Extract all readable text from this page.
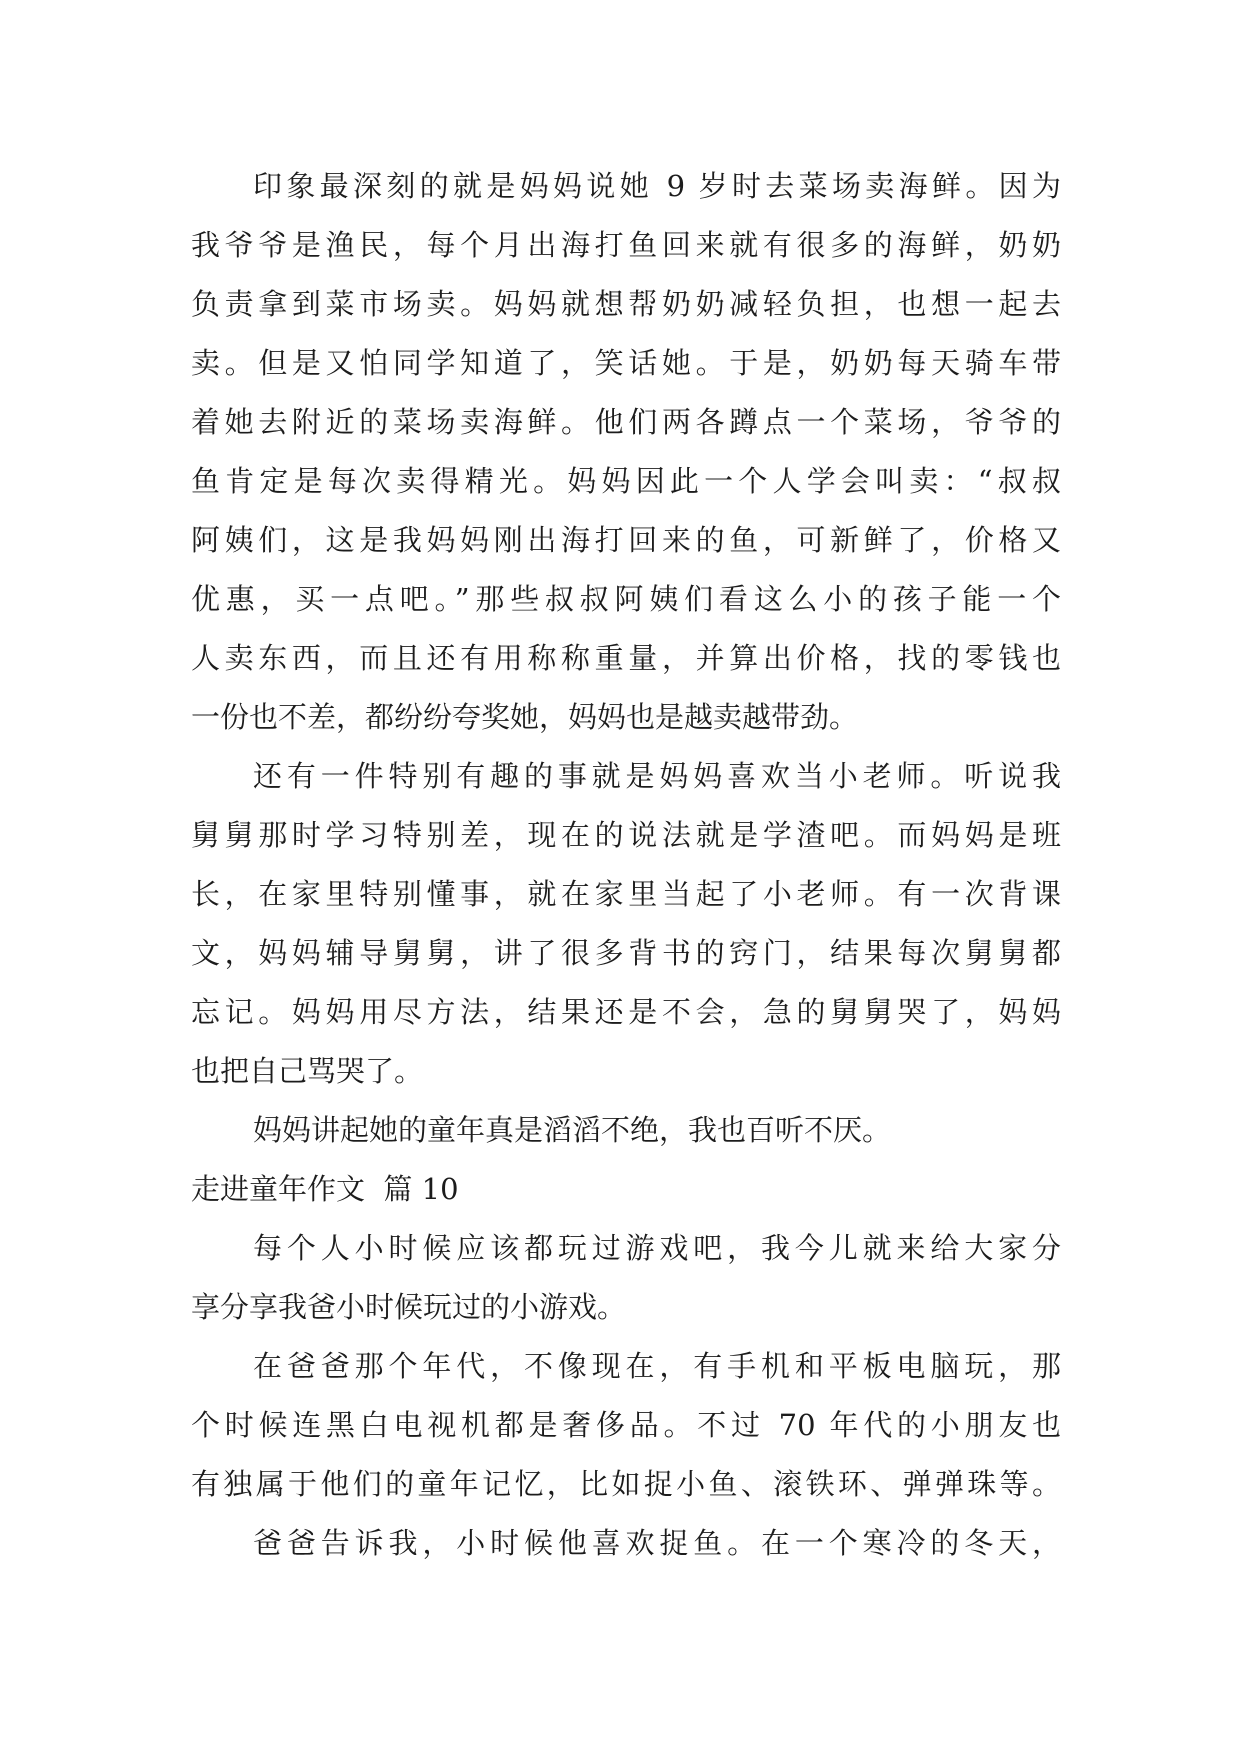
印象最深刻的就是妈妈说她 9 岁时去菜场卖海鲜。因为
我爷爷是渔民，每个月出海打鱼回来就有很多的海鲜，奶奶
负责拿到菜市场卖。妈妈就想帮奶奶减轻负担，也想一起去
卖。但是又怕同学知道了，笑话她。于是，奶奶每天骑车带
着她去附近的菜场卖海鲜。他们两各蹲点一个菜场，爷爷的
鱼肯定是每次卖得精光。妈妈因此一个人学会叫卖：“叔叔
阿姨们，这是我妈妈刚出海打回来的鱼，可新鲜了，价格又
优惠，买一点吧。”那些叔叔阿姨们看这么小的孩子能一个
人卖东西，而且还有用称称重量，并算出价格，找的零钱也
一份也不差，都纷纷夸奖她，妈妈也是越卖越带劲。
还有一件特别有趣的事就是妈妈喜欢当小老师。听说我
舅舅那时学习特别差，现在的说法就是学渣吧。而妈妈是班
长，在家里特别懂事，就在家里当起了小老师。有一次背课
文，妈妈辅导舅舅，讲了很多背书的窍门，结果每次舅舅都
忘记。妈妈用尽方法，结果还是不会，急的舅舅哭了，妈妈
也把自己骂哭了。
妈妈讲起她的童年真是滔滔不绝，我也百听不厌。
走进童年作文  篇 10
每个人小时候应该都玩过游戏吧，我今儿就来给大家分
享分享我爸小时候玩过的小游戏。
在爸爸那个年代，不像现在，有手机和平板电脑玩，那
个时候连黑白电视机都是奢侈品。不过 70 年代的小朋友也
有独属于他们的童年记忆，比如捉小鱼、滚铁环、弹弹珠等。
爸爸告诉我，小时候他喜欢捉鱼。在一个寒冷的冬天，
